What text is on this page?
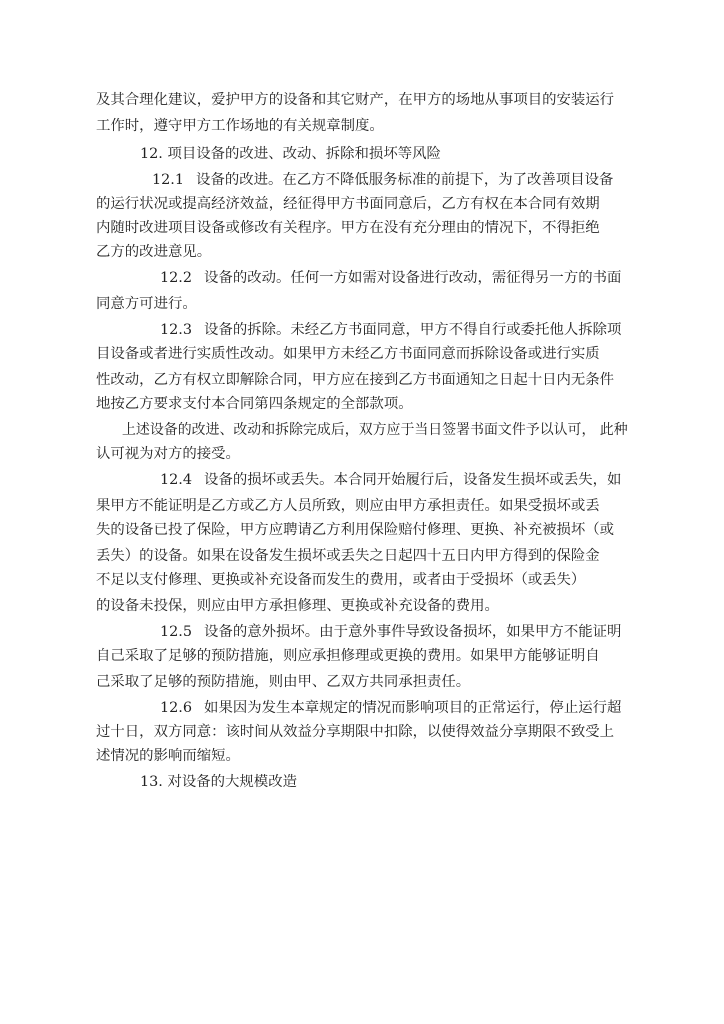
及其合理化建议，爱护甲方的设备和其它财产，在甲方的场地从事项目的安装运行

工作时，遵守甲方工作场地的有关规章制度。

12. 项目设备的改进、改动、拆除和损坏等风险

12.1 设备的改进。在乙方不降低服务标准的前提下，为了改善项目设备

的运行状况或提高经济效益，经征得甲方书面同意后，乙方有权在本合同有效期

内随时改进项目设备或修改有关程序。甲方在没有充分理由的情况下，不得拒绝

乙方的改进意见。

12.2 设备的改动。任何一方如需对设备进行改动，需征得另一方的书面

同意方可进行。

12.3 设备的拆除。未经乙方书面同意，甲方不得自行或委托他人拆除项

目设备或者进行实质性改动。如果甲方未经乙方书面同意而拆除设备或进行实质

性改动，乙方有权立即解除合同，甲方应在接到乙方书面通知之日起十日内无条件

地按乙方要求支付本合同第四条规定的全部款项。

上述设备的改进、改动和拆除完成后，双方应于当日签署书面文件予以认可， 此种

认可视为对方的接受。

12.4 设备的损坏或丢失。本合同开始履行后，设备发生损坏或丢失，如

果甲方不能证明是乙方或乙方人员所致，则应由甲方承担责任。如果受损坏或丢

失的设备已投了保险，甲方应聘请乙方利用保险赔付修理、更换、补充被损坏（或

丢失）的设备。如果在设备发生损坏或丢失之日起四十五日内甲方得到的保险金

不足以支付修理、更换或补充设备而发生的费用，或者由于受损坏（或丢失）

的设备未投保，则应由甲方承担修理、更换或补充设备的费用。

12.5 设备的意外损坏。由于意外事件导致设备损坏，如果甲方不能证明

自己采取了足够的预防措施，则应承担修理或更换的费用。如果甲方能够证明自

己采取了足够的预防措施，则由甲、乙双方共同承担责任。

12.6 如果因为发生本章规定的情况而影响项目的正常运行，停止运行超

过十日，双方同意：该时间从效益分享期限中扣除，以使得效益分享期限不致受上

述情况的影响而缩短。

13. 对设备的大规模改造
